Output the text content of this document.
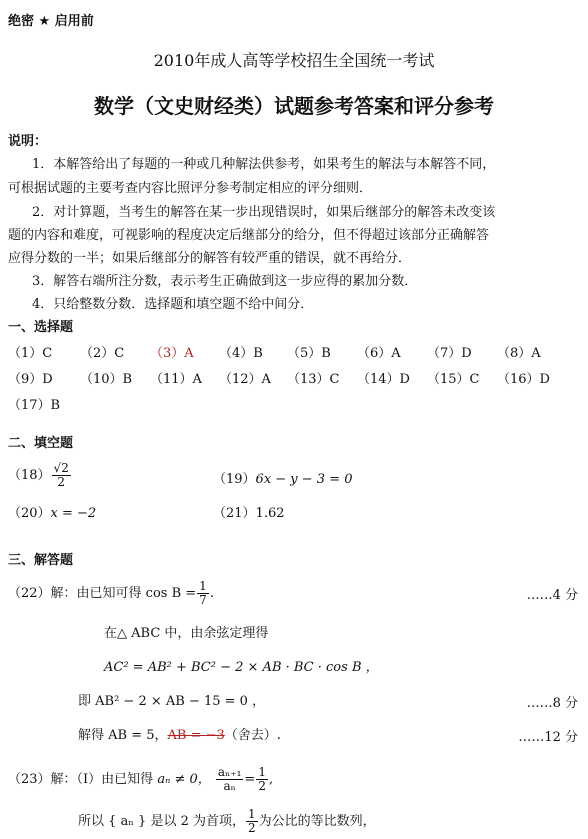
绝密 ★ 启用前
2010年成人高等学校招生全国统一考试
数学（文史财经类）试题参考答案和评分参考
说明：
1．本解答给出了每题的一种或几种解法供参考，如果考生的解法与本解答不同，
可根据试题的主要考查内容比照评分参考制定相应的评分细则．
2．对计算题，当考生的解答在某一步出现错误时，如果后继部分的解答未改变该
题的内容和难度，可视影响的程度决定后继部分的给分，但不得超过该部分正确解答
应得分数的一半；如果后继部分的解答有较严重的错误，就不再给分．
3．解答右端所注分数，表示考生正确做到这一步应得的累加分数．
4．只给整数分数．选择题和填空题不给中间分．
一、选择题
（1）C （2）C （3）A （4）B （5）B （6）A （7）D （8）A
（9）D （10）B （11）A （12）A （13）C （14）D （15）C （16）D
（17）B
二、填空题
$(18) \frac{√2}{2}$	（19）6x − y − 3 = 0
（20）x = −2	（21）1.62
三、解答题
（22）解：由已知可得 $\cos B = \frac{1}{7}$ .	……4 分
在△ ABC 中，由余弦定理得
AC² = AB² + BC² − 2 × AB · BC · cos B ，
即 AB² − 2 × AB − 15 = 0 ，	……8 分
解得 AB = 5，AB = −3（舍去）.	……12 分
（23）解：（Ⅰ）由已知得 aₙ ≠ 0， $\frac{\text{aₙ₊₁}}{\text{aₙ}} = \frac{1}{2}$ ,
所以 { aₙ } 是以 2 为首项， $\frac{1}{2}$ 为公比的等比数列，
